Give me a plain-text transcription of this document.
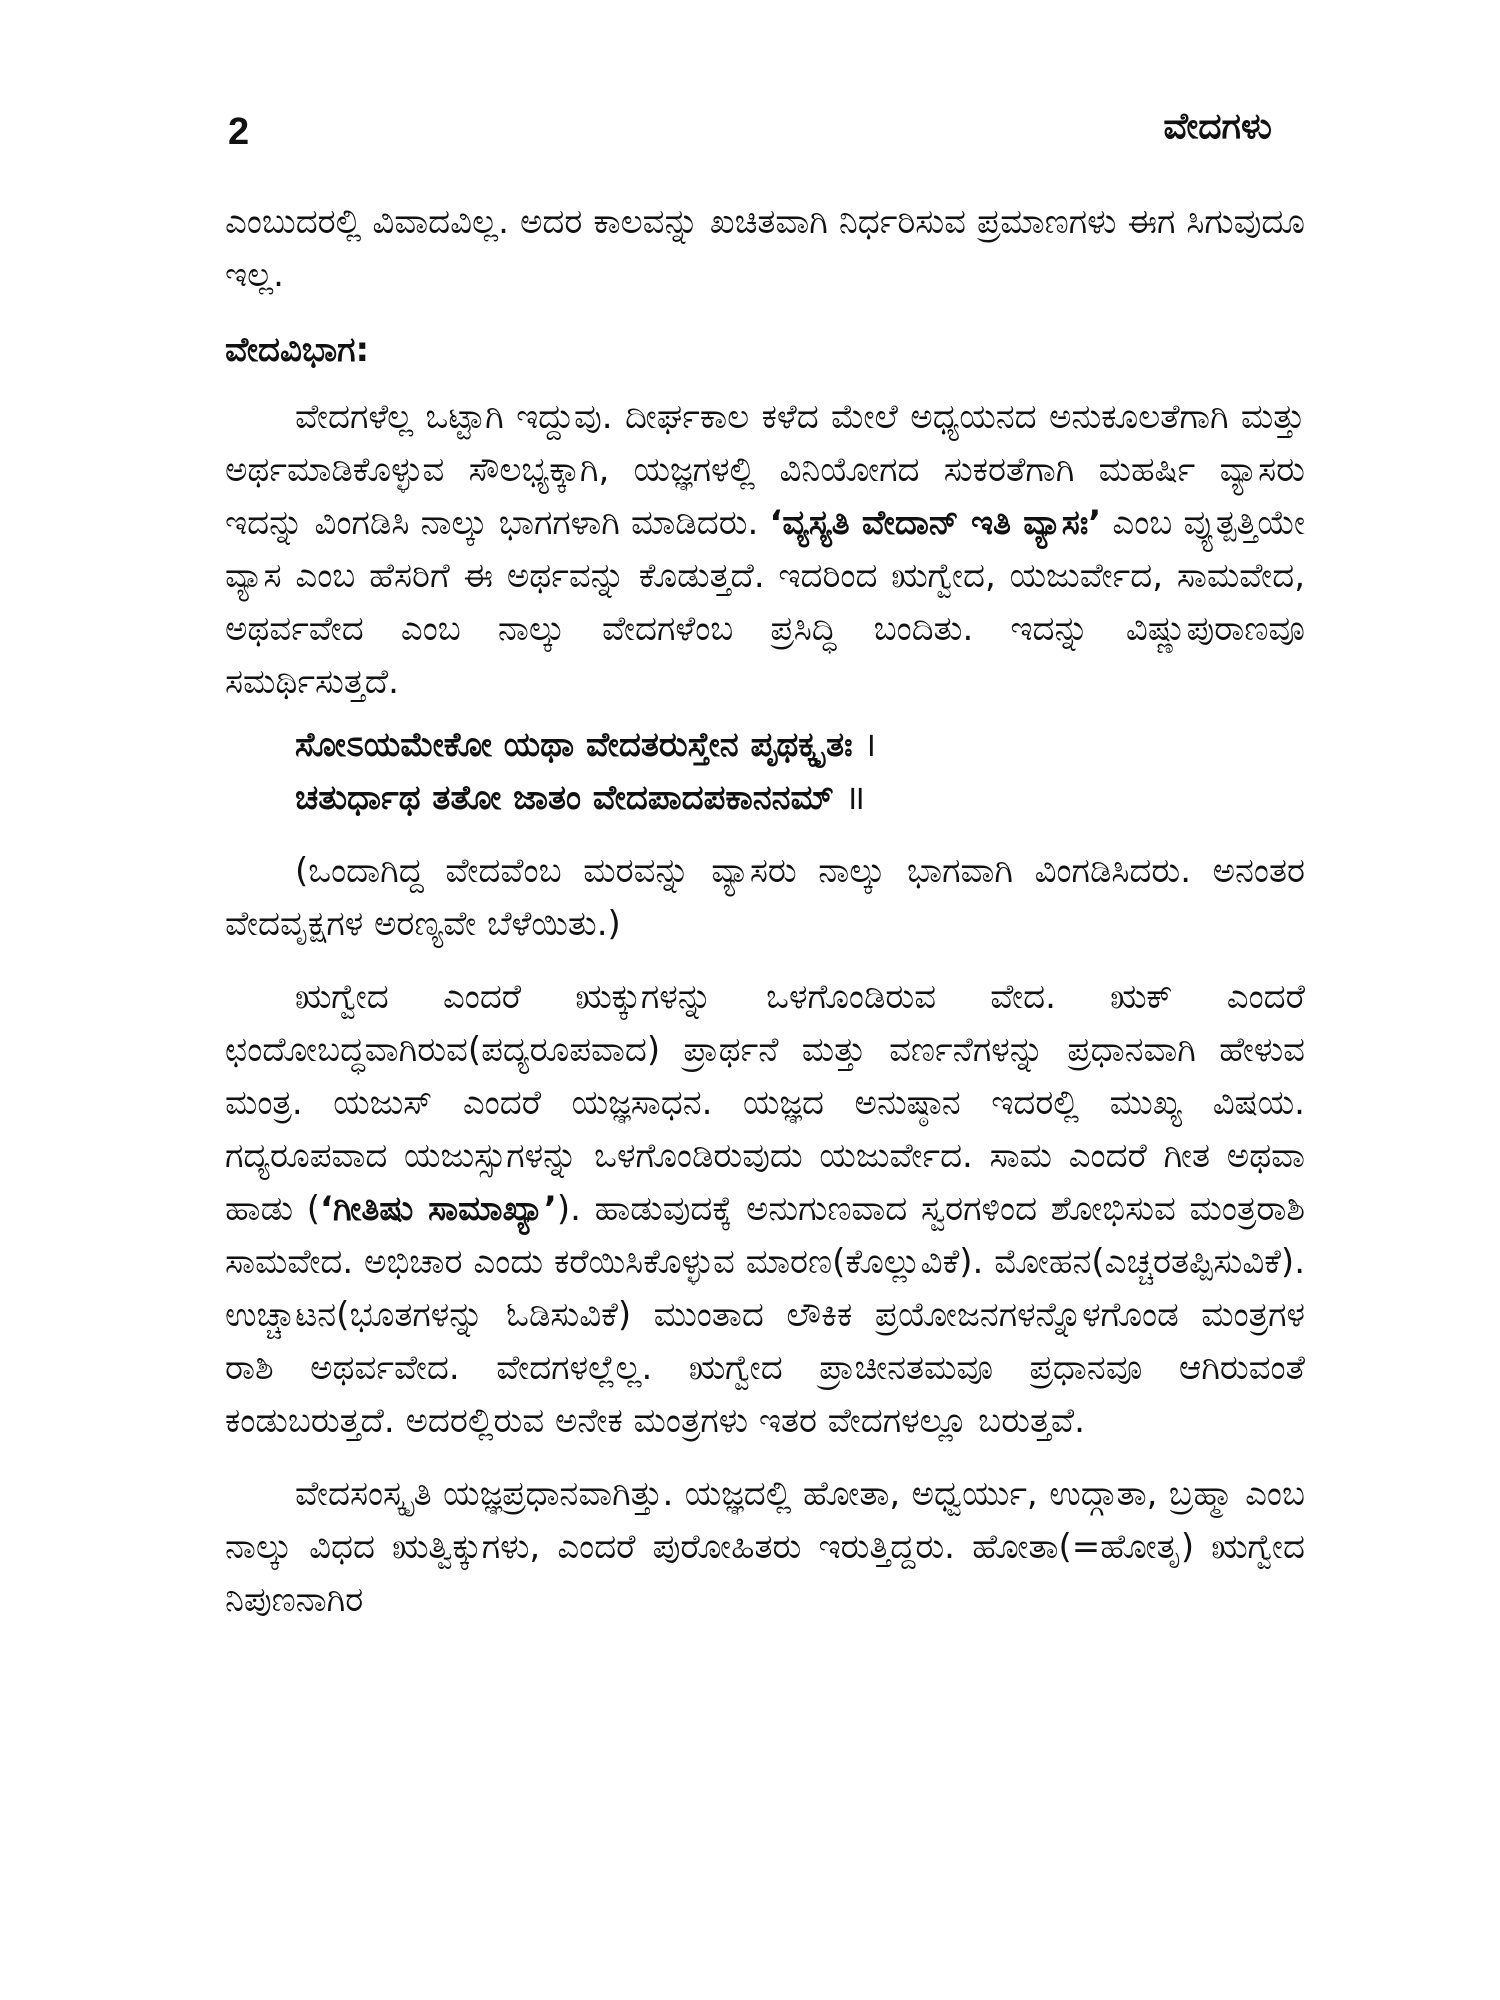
2	ವೇದಗಳು

ಎಂಬುದರಲ್ಲಿ ವಿವಾದವಿಲ್ಲ. ಅದರ ಕಾಲವನ್ನು ಖಚಿತವಾಗಿ ನಿರ್ಧರಿಸುವ ಪ್ರಮಾಣಗಳು ಈಗ ಸಿಗುವುದೂ ಇಲ್ಲ.

ವೇದವಿಭಾಗ:

ವೇದಗಳೆಲ್ಲ ಒಟ್ಟಾಗಿ ಇದ್ದುವು. ದೀರ್ಘಕಾಲ ಕಳೆದ ಮೇಲೆ ಅಧ್ಯಯನದ ಅನುಕೂಲತೆಗಾಗಿ ಮತ್ತು ಅರ್ಥಮಾಡಿಕೊಳ್ಳುವ ಸೌಲಭ್ಯಕ್ಕಾಗಿ, ಯಜ್ಞಗಳಲ್ಲಿ ವಿನಿಯೋಗದ ಸುಕರತೆಗಾಗಿ ಮಹರ್ಷಿ ವ್ಯಾಸರು ಇದನ್ನು ವಿಂಗಡಿಸಿ ನಾಲ್ಕು ಭಾಗಗಳಾಗಿ ಮಾಡಿದರು. ‘ವ್ಯಸ್ಯತಿ ವೇದಾನ್ ಇತಿ ವ್ಯಾಸಃ’ ಎಂಬ ವ್ಯುತ್ಪತ್ತಿಯೇ ವ್ಯಾಸ ಎಂಬ ಹೆಸರಿಗೆ ಈ ಅರ್ಥವನ್ನು ಕೊಡುತ್ತದೆ. ಇದರಿಂದ ಋಗ್ವೇದ, ಯಜುರ್ವೇದ, ಸಾಮವೇದ, ಅಥರ್ವವೇದ ಎಂಬ ನಾಲ್ಕು ವೇದಗಳೆಂಬ ಪ್ರಸಿದ್ಧಿ ಬಂದಿತು. ಇದನ್ನು ವಿಷ್ಣುಪುರಾಣವೂ ಸಮರ್ಥಿಸುತ್ತದೆ.

ಸೋಽಯಮೇಕೋ ಯಥಾ ವೇದತರುಸ್ತೇನ ಪೃಥಕ್ಕೃತಃ ।
ಚತುರ್ಧಾಥ ತತೋ ಜಾತಂ ವೇದಪಾದಪಕಾನನಮ್ ॥

(ಒಂದಾಗಿದ್ದ ವೇದವೆಂಬ ಮರವನ್ನು ವ್ಯಾಸರು ನಾಲ್ಕು ಭಾಗವಾಗಿ ವಿಂಗಡಿಸಿದರು. ಅನಂತರ ವೇದವೃಕ್ಷಗಳ ಅರಣ್ಯವೇ ಬೆಳೆಯಿತು.)

ಋಗ್ವೇದ ಎಂದರೆ ಋಕ್ಕುಗಳನ್ನು ಒಳಗೊಂಡಿರುವ ವೇದ. ಋಕ್ ಎಂದರೆ ಛಂದೋಬದ್ಧವಾಗಿರುವ(ಪದ್ಯರೂಪವಾದ) ಪ್ರಾರ್ಥನೆ ಮತ್ತು ವರ್ಣನೆಗಳನ್ನು ಪ್ರಧಾನವಾಗಿ ಹೇಳುವ ಮಂತ್ರ. ಯಜುಸ್ ಎಂದರೆ ಯಜ್ಞಸಾಧನ. ಯಜ್ಞದ ಅನುಷ್ಠಾನ ಇದರಲ್ಲಿ ಮುಖ್ಯ ವಿಷಯ. ಗದ್ಯರೂಪವಾದ ಯಜುಸ್ಸುಗಳನ್ನು ಒಳಗೊಂಡಿರುವುದು ಯಜುರ್ವೇದ. ಸಾಮ ಎಂದರೆ ಗೀತ ಅಥವಾ ಹಾಡು (‘ಗೀತಿಷು ಸಾಮಾಖ್ಯಾ’). ಹಾಡುವುದಕ್ಕೆ ಅನುಗುಣವಾದ ಸ್ವರಗಳಿಂದ ಶೋಭಿಸುವ ಮಂತ್ರರಾಶಿ ಸಾಮವೇದ. ಅಭಿಚಾರ ಎಂದು ಕರೆಯಿಸಿಕೊಳ್ಳುವ ಮಾರಣ(ಕೊಲ್ಲುವಿಕೆ). ಮೋಹನ(ಎಚ್ಚರತಪ್ಪಿಸುವಿಕೆ). ಉಚ್ಚಾಟನ(ಭೂತಗಳನ್ನು ಓಡಿಸುವಿಕೆ) ಮುಂತಾದ ಲೌಕಿಕ ಪ್ರಯೋಜನಗಳನ್ನೊಳಗೊಂಡ ಮಂತ್ರಗಳ ರಾಶಿ ಅಥರ್ವವೇದ. ವೇದಗಳಲ್ಲೆಲ್ಲ. ಋಗ್ವೇದ ಪ್ರಾಚೀನತಮವೂ ಪ್ರಧಾನವೂ ಆಗಿರುವಂತೆ ಕಂಡುಬರುತ್ತದೆ. ಅದರಲ್ಲಿರುವ ಅನೇಕ ಮಂತ್ರಗಳು ಇತರ ವೇದಗಳಲ್ಲೂ ಬರುತ್ತವೆ.

ವೇದಸಂಸ್ಕೃತಿ ಯಜ್ಞಪ್ರಧಾನವಾಗಿತ್ತು. ಯಜ್ಞದಲ್ಲಿ ಹೋತಾ, ಅಧ್ವರ್ಯು, ಉದ್ಗಾತಾ, ಬ್ರಹ್ಮಾ ಎಂಬ ನಾಲ್ಕು ವಿಧದ ಋತ್ವಿಕ್ಕುಗಳು, ಎಂದರೆ ಪುರೋಹಿತರು ಇರುತ್ತಿದ್ದರು. ಹೋತಾ(=ಹೋತೃ) ಋಗ್ವೇದ ನಿಪುಣನಾಗಿರ
